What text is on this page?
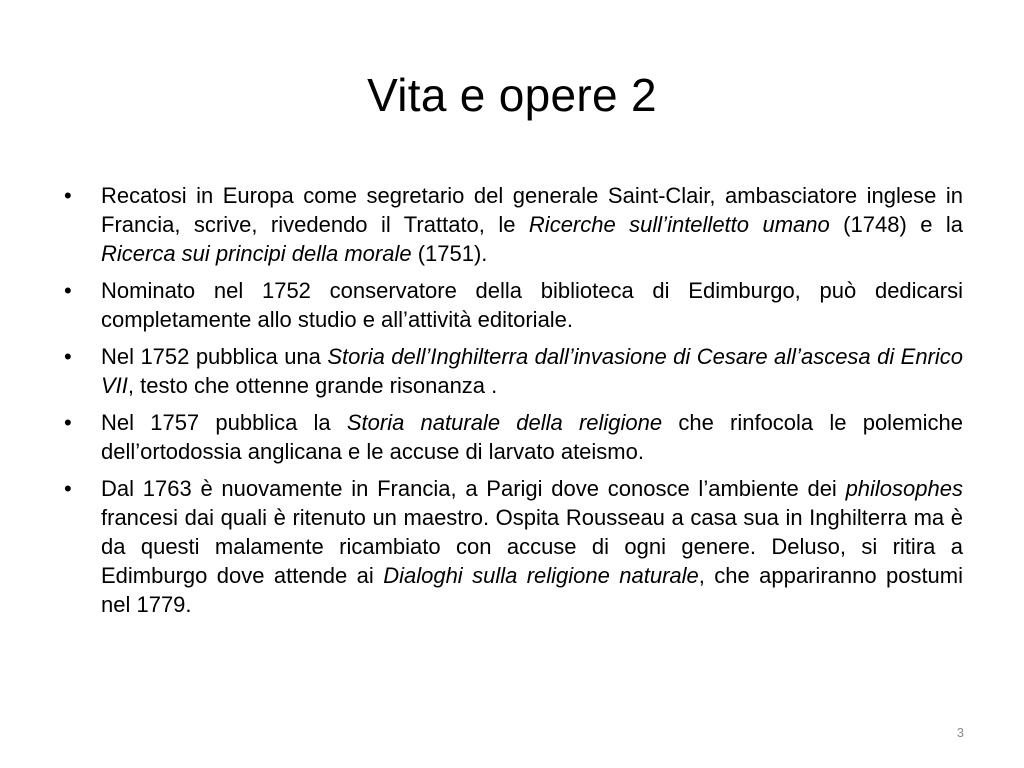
Vita e opere 2
• Recatosi in Europa come segretario del generale Saint-Clair, ambasciatore inglese in Francia, scrive, rivedendo il Trattato, le Ricerche sull’intelletto umano (1748) e la Ricerca sui principi della morale (1751).
• Nominato nel 1752 conservatore della biblioteca di Edimburgo, può dedicarsi completamente allo studio e all’attività editoriale.
• Nel 1752 pubblica una Storia dell’Inghilterra dall’invasione di Cesare all’ascesa di Enrico VII, testo che ottenne grande risonanza .
• Nel 1757 pubblica la Storia naturale della religione che rinfocola le polemiche dell’ortodossia anglicana e le accuse di larvato ateismo.
• Dal 1763 è nuovamente in Francia, a Parigi dove conosce l’ambiente dei philosophes francesi dai quali è ritenuto un maestro. Ospita Rousseau a casa sua in Inghilterra ma è da questi malamente ricambiato con accuse di ogni genere. Deluso, si ritira a Edimburgo dove attende ai Dialoghi sulla religione naturale, che appariranno postumi nel 1779.
3
